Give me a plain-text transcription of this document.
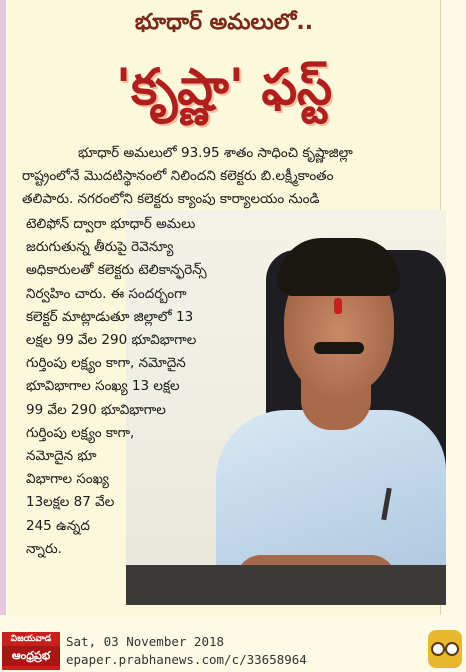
భూధార్ అమలులో..
'కృష్ణా' ఫస్ట్
భూధార్ అమలులో 93.95 శాతం సాధించి కృష్ణాజిల్లా
రాష్ట్రంలోనే మొదటిస్థానంలో నిలిందని కలెక్టరు బి.లక్ష్మీకాంతం
తలిపారు. నగరంలోని కలెక్టరు క్యాంపు కార్యాలయం నుండి
టెలిఫోన్ ద్వారా భూధార్ అమలు
జరుగుతున్న తీరుపై రెవెన్యూ
అధికారులతో కలెక్టరు టెలికాన్ఫరెన్స్
నిర్వహిం చారు. ఈ సందర్బంగా
కలెక్టర్ మాట్లాడుతూ జిల్లాలో 13
లక్షల 99 వేల 290 భూవిభాగాల
గుర్తింపు లక్ష్యం కాగా, నమోదైన
భూవిభాగాల సంఖ్య 13 లక్షల
99 వేల 290 భూవిభాగాల
గుర్తింపు లక్ష్యం కాగా,
నమోదైన భూ
విభాగాల సంఖ్య
13లక్షల 87 వేల
245 ఉన్నద
న్నారు.
విజయవాడ
ఆంధ్రప్రభ
Sat, 03 November 2018
epaper.prabhanews.com/c/33658964
